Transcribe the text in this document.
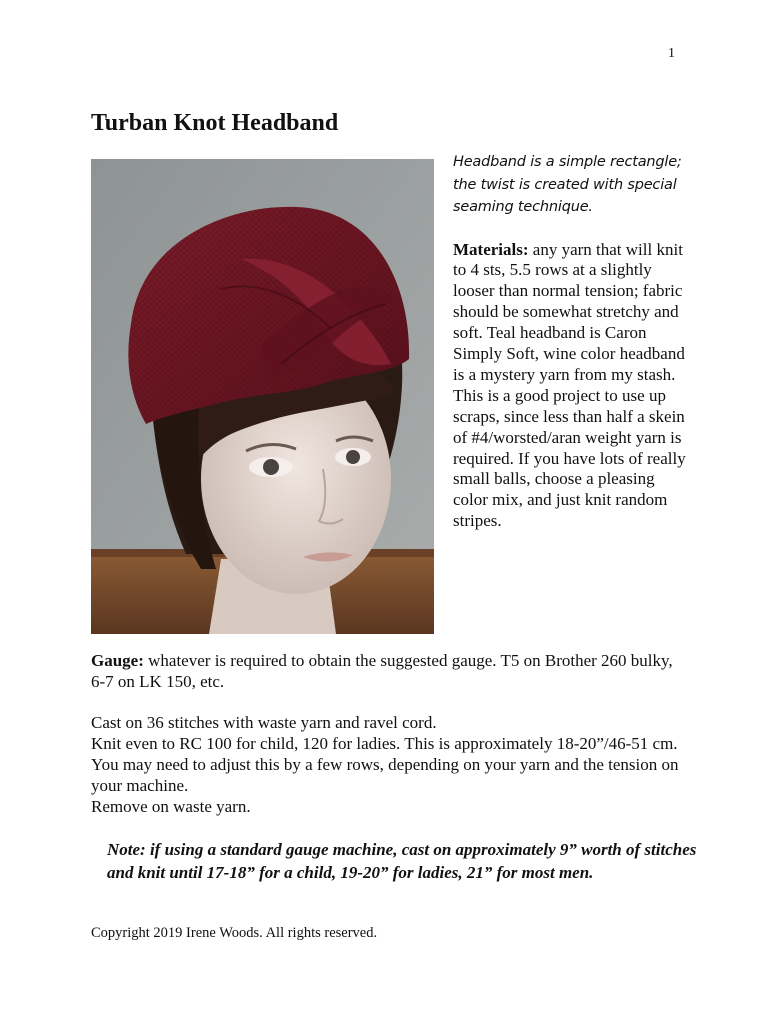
1
Turban Knot Headband

Headband is a simple rectangle; the twist is created with special seaming technique.

Materials: any yarn that will knit to 4 sts, 5.5 rows at a slightly looser than normal tension; fabric should be somewhat stretchy and soft. Teal headband is Caron Simply Soft, wine color headband is a mystery yarn from my stash. This is a good project to use up scraps, since less than half a skein of #4/worsted/aran weight yarn is required. If you have lots of really small balls, choose a pleasing color mix, and just knit random stripes.

Gauge: whatever is required to obtain the suggested gauge. T5 on Brother 260 bulky, 6-7 on LK 150, etc.

Cast on 36 stitches with waste yarn and ravel cord.
Knit even to RC 100 for child, 120 for ladies. This is approximately 18-20”/46-51 cm. You may need to adjust this by a few rows, depending on your yarn and the tension on your machine.
Remove on waste yarn.

Note: if using a standard gauge machine, cast on approximately 9” worth of stitches and knit until 17-18” for a child, 19-20” for ladies, 21” for most men.

Copyright 2019 Irene Woods. All rights reserved.
